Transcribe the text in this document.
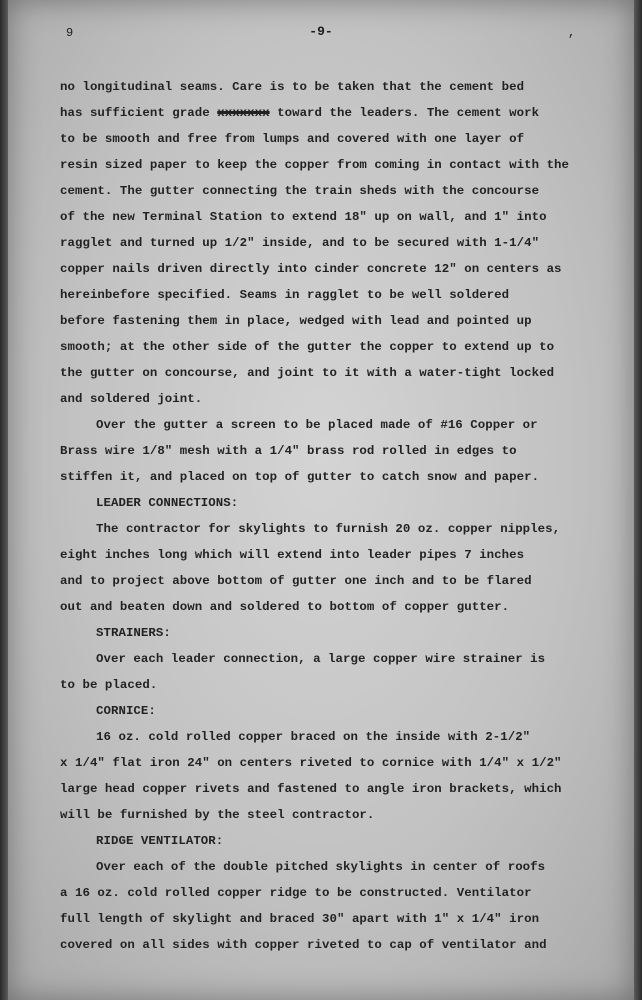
9	-9-	,
no longitudinal seams. Care is to be taken that the cement bed
has sufficient grade xxxxxxx toward the leaders. The cement work
to be smooth and free from lumps and covered with one layer of
resin sized paper to keep the copper from coming in contact with the
cement. The gutter connecting the train sheds with the concourse
of the new Terminal Station to extend 18" up on wall, and 1" into
ragglet and turned up 1/2" inside, and to be secured with 1-1/4"
copper nails driven directly into cinder concrete 12" on centers as
hereinbefore specified. Seams in ragglet to be well soldered
before fastening them in place, wedged with lead and pointed up
smooth; at the other side of the gutter the copper to extend up to
the gutter on concourse, and joint to it with a water-tight locked
and soldered joint.
Over the gutter a screen to be placed made of #16 Copper or
Brass wire 1/8" mesh with a 1/4" brass rod rolled in edges to
stiffen it, and placed on top of gutter to catch snow and paper.
LEADER CONNECTIONS:
The contractor for skylights to furnish 20 oz. copper nipples,
eight inches long which will extend into leader pipes 7 inches
and to project above bottom of gutter one inch and to be flared
out and beaten down and soldered to bottom of copper gutter.
STRAINERS:
Over each leader connection, a large copper wire strainer is
to be placed.
CORNICE:
16 oz. cold rolled copper braced on the inside with 2-1/2"
x 1/4" flat iron 24" on centers riveted to cornice with 1/4" x 1/2"
large head copper rivets and fastened to angle iron brackets, which
will be furnished by the steel contractor.
RIDGE VENTILATOR:
Over each of the double pitched skylights in center of roofs
a 16 oz. cold rolled copper ridge to be constructed. Ventilator
full length of skylight and braced 30" apart with 1" x 1/4" iron
covered on all sides with copper riveted to cap of ventilator and
